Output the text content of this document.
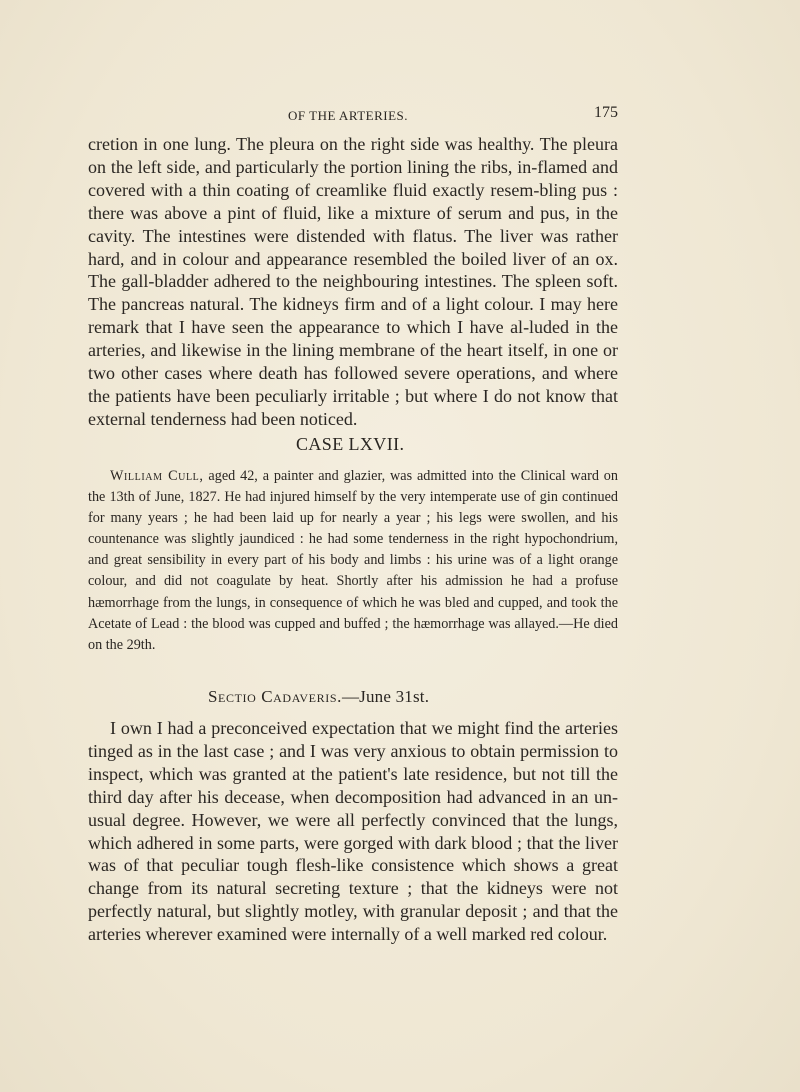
OF THE ARTERIES.	175

cretion in one lung. The pleura on the right side was healthy. The pleura on the left side, and particularly the portion lining the ribs, in-flamed and covered with a thin coating of creamlike fluid exactly resem-bling pus : there was above a pint of fluid, like a mixture of serum and pus, in the cavity. The intestines were distended with flatus. The liver was rather hard, and in colour and appearance resembled the boiled liver of an ox. The gall-bladder adhered to the neighbouring intestines. The spleen soft. The pancreas natural. The kidneys firm and of a light colour. I may here remark that I have seen the appearance to which I have al-luded in the arteries, and likewise in the lining membrane of the heart itself, in one or two other cases where death has followed severe operations, and where the patients have been peculiarly irritable ; but where I do not know that external tenderness had been noticed.

CASE LXVII.

William Cull, aged 42, a painter and glazier, was admitted into the Clinical ward on the 13th of June, 1827. He had injured himself by the very intemperate use of gin continued for many years ; he had been laid up for nearly a year ; his legs were swollen, and his countenance was slightly jaundiced : he had some tenderness in the right hypochondrium, and great sensibility in every part of his body and limbs : his urine was of a light orange colour, and did not coagulate by heat. Shortly after his admission he had a profuse hæmorrhage from the lungs, in consequence of which he was bled and cupped, and took the Acetate of Lead : the blood was cupped and buffed ; the hæmorrhage was allayed.—He died on the 29th.

Sectio Cadaveris.—June 31st.

I own I had a preconceived expectation that we might find the arteries tinged as in the last case ; and I was very anxious to obtain permission to inspect, which was granted at the patient's late residence, but not till the third day after his decease, when decomposition had advanced in an un-usual degree. However, we were all perfectly convinced that the lungs, which adhered in some parts, were gorged with dark blood ; that the liver was of that peculiar tough flesh-like consistence which shows a great change from its natural secreting texture ; that the kidneys were not perfectly natural, but slightly motley, with granular deposit ; and that the arteries wherever examined were internally of a well marked red colour.
